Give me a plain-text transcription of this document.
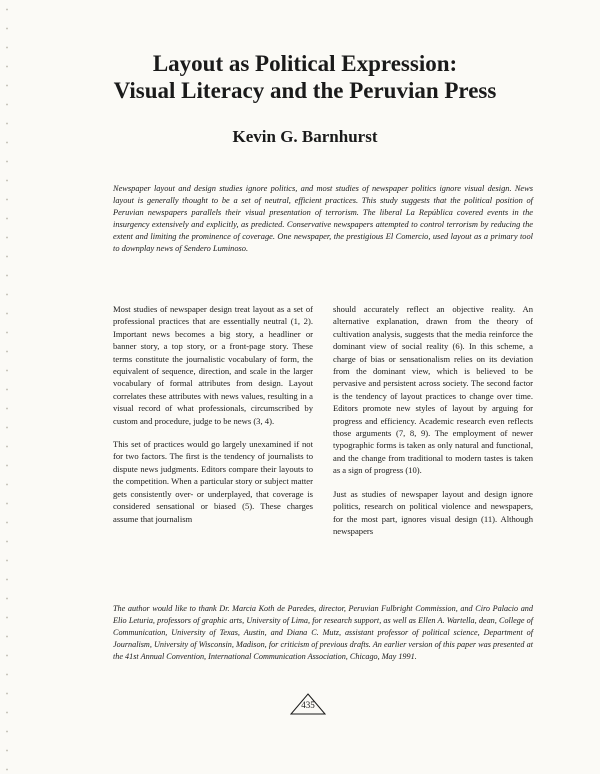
Layout as Political Expression:
Visual Literacy and the Peruvian Press
Kevin G. Barnhurst

Newspaper layout and design studies ignore politics, and most studies of newspaper politics ignore visual design. News layout is generally thought to be a set of neutral, efficient practices. This study suggests that the political position of Peruvian newspapers parallels their visual presentation of terrorism. The liberal La República covered events in the insurgency extensively and explicitly, as predicted. Conservative newspapers attempted to control terrorism by reducing the extent and limiting the prominence of coverage. One newspaper, the prestigious El Comercio, used layout as a primary tool to downplay news of Sendero Luminoso.

Most studies of newspaper design treat layout as a set of professional practices that are essentially neutral (1, 2). Important news becomes a big story, a headliner or banner story, a top story, or a front-page story. These terms constitute the journalistic vocabulary of form, the equivalent of sequence, direction, and scale in the larger vocabulary of formal attributes from design. Layout correlates these attributes with news values, resulting in a visual record of what professionals, circumscribed by custom and procedure, judge to be news (3, 4).

This set of practices would go largely unexamined if not for two factors. The first is the tendency of journalists to dispute news judgments. Editors compare their layouts to the competition. When a particular story or subject matter gets consistently over- or underplayed, that coverage is considered sensational or biased (5). These charges assume that journalism

should accurately reflect an objective reality. An alternative explanation, drawn from the theory of cultivation analysis, suggests that the media reinforce the dominant view of social reality (6). In this scheme, a charge of bias or sensationalism relies on its deviation from the dominant view, which is believed to be pervasive and persistent across society. The second factor is the tendency of layout practices to change over time. Editors promote new styles of layout by arguing for progress and efficiency. Academic research even reflects those arguments (7, 8, 9). The employment of newer typographic forms is taken as only natural and functional, and the change from traditional to modern tastes is taken as a sign of progress (10).

Just as studies of newspaper layout and design ignore politics, research on political violence and newspapers, for the most part, ignores visual design (11). Although newspapers

The author would like to thank Dr. Marcia Koth de Paredes, director, Peruvian Fulbright Commission, and Ciro Palacio and Elio Leturia, professors of graphic arts, University of Lima, for research support, as well as Ellen A. Wartella, dean, College of Communication, University of Texas, Austin, and Diana C. Mutz, assistant professor of political science, Department of Journalism, University of Wisconsin, Madison, for criticism of previous drafts. An earlier version of this paper was presented at the 41st Annual Convention, International Communication Association, Chicago, May 1991.

435
